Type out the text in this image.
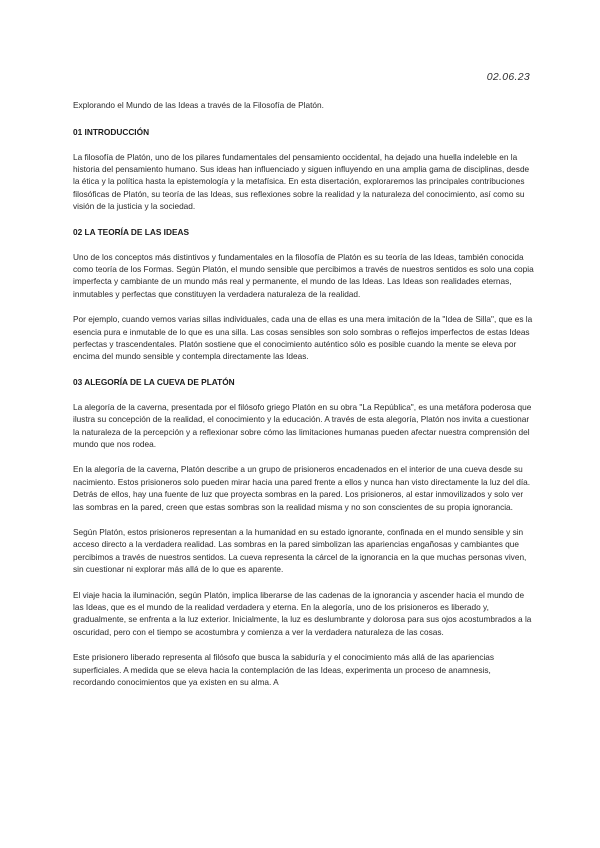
02.06.23

Explorando el Mundo de las Ideas a través de la Filosofía de Platón.

01 INTRODUCCIÓN

La filosofía de Platón, uno de los pilares fundamentales del pensamiento occidental, ha dejado una huella indeleble en la historia del pensamiento humano. Sus ideas han influenciado y siguen influyendo en una amplia gama de disciplinas, desde la ética y la política hasta la epistemología y la metafísica. En esta disertación, exploraremos las principales contribuciones filosóficas de Platón, su teoría de las Ideas, sus reflexiones sobre la realidad y la naturaleza del conocimiento, así como su visión de la justicia y la sociedad.

02 LA TEORÍA DE LAS IDEAS

Uno de los conceptos más distintivos y fundamentales en la filosofía de Platón es su teoría de las Ideas, también conocida como teoría de los Formas. Según Platón, el mundo sensible que percibimos a través de nuestros sentidos es solo una copia imperfecta y cambiante de un mundo más real y permanente, el mundo de las Ideas. Las Ideas son realidades eternas, inmutables y perfectas que constituyen la verdadera naturaleza de la realidad.

Por ejemplo, cuando vemos varias sillas individuales, cada una de ellas es una mera imitación de la "Idea de Silla", que es la esencia pura e inmutable de lo que es una silla. Las cosas sensibles son solo sombras o reflejos imperfectos de estas Ideas perfectas y trascendentales. Platón sostiene que el conocimiento auténtico sólo es posible cuando la mente se eleva por encima del mundo sensible y contempla directamente las Ideas.

03 ALEGORÍA DE LA CUEVA DE PLATÓN

La alegoría de la caverna, presentada por el filósofo griego Platón en su obra "La República", es una metáfora poderosa que ilustra su concepción de la realidad, el conocimiento y la educación. A través de esta alegoría, Platón nos invita a cuestionar la naturaleza de la percepción y a reflexionar sobre cómo las limitaciones humanas pueden afectar nuestra comprensión del mundo que nos rodea.

En la alegoría de la caverna, Platón describe a un grupo de prisioneros encadenados en el interior de una cueva desde su nacimiento. Estos prisioneros solo pueden mirar hacia una pared frente a ellos y nunca han visto directamente la luz del día. Detrás de ellos, hay una fuente de luz que proyecta sombras en la pared. Los prisioneros, al estar inmovilizados y solo ver las sombras en la pared, creen que estas sombras son la realidad misma y no son conscientes de su propia ignorancia.

Según Platón, estos prisioneros representan a la humanidad en su estado ignorante, confinada en el mundo sensible y sin acceso directo a la verdadera realidad. Las sombras en la pared simbolizan las apariencias engañosas y cambiantes que percibimos a través de nuestros sentidos. La cueva representa la cárcel de la ignorancia en la que muchas personas viven, sin cuestionar ni explorar más allá de lo que es aparente.

El viaje hacia la iluminación, según Platón, implica liberarse de las cadenas de la ignorancia y ascender hacia el mundo de las Ideas, que es el mundo de la realidad verdadera y eterna. En la alegoría, uno de los prisioneros es liberado y, gradualmente, se enfrenta a la luz exterior. Inicialmente, la luz es deslumbrante y dolorosa para sus ojos acostumbrados a la oscuridad, pero con el tiempo se acostumbra y comienza a ver la verdadera naturaleza de las cosas.

Este prisionero liberado representa al filósofo que busca la sabiduría y el conocimiento más allá de las apariencias superficiales. A medida que se eleva hacia la contemplación de las Ideas, experimenta un proceso de anamnesis, recordando conocimientos que ya existen en su alma. A
